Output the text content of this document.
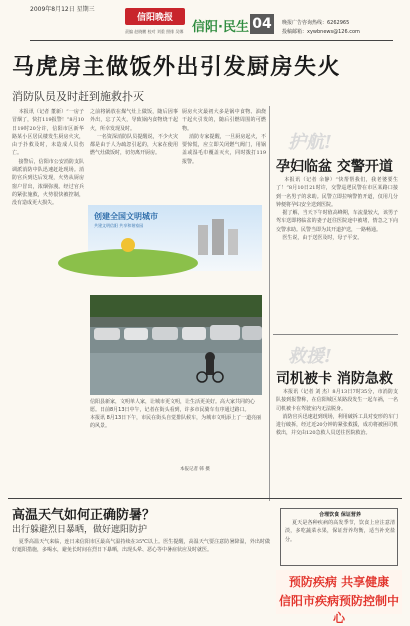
2009年8月12日 星期三
信阳晚报
责编 赵晓鹏 校对 刘重 照排 吴娜 信阳·民生 04	晚报广告咨询热线：6262965
投稿邮箱：xywbnews@126.com
马虎房主做饭外出引发厨房失火
消防队员及时赶到施救扑灭
本报讯（记者 董新）“一房子冒烟了，快打119报警！”8月10日19时20分许，信阳市区新华路某小区居民楼发生厨房火灾，由于扑救及时，未造成人员伤亡。
接警后，信阳市公安消防支队调派消防中队迅速赶赴现场。消防官兵到达后发现，火势从厨房窗户冒出，浓烟弥漫。经过官兵的紧张施救，火势很快被控制，没有造成更大损失。
之前将锅放在煤气灶上做饭，随后因事外出，忘了关火，导致锅内食物烧干起火，所幸发现及时。
一名资深消防队员提醒说，不少火灾都是由于人为疏忽引起的，大家在使用燃气灶做饭时，切勿离开厨房。
厨房火灾最初大多是锅中食物、油烧干起火引发的，随后引燃周围的可燃物。
消防专家提醒，一旦厨房起火，不要惊慌，应立即关闭燃气阀门，用锅盖或湿毛巾覆盖灭火，同时拨打119报警。
创建全国文明城市
共建文明信阳 共享和谐家园
信阳县新家，文明单人家，让城市更文明，让生活更美好。高大家共同的心愿。日前8月13日中午，记者在街头看到，许多市民骑车有序通过路口。
本报讯 8月13日下午，市民在街头自觉排队候车，为城市文明添上了一道亮丽的风景。
本报记者 韩 摄
护航!
孕妇临盆 交警开道
本报讯（记者 余静）“快帮帮我们，我老婆要生了！”8月10日21时许，交警巡逻民警在市区某路口接到一名男子的求助。民警立即拉响警笛开道，仅用几分钟便将孕妇安全送到医院。
据了解，当天下午时值高峰期，车流量较大，该男子驾车送即将临盆的妻子赶往医院途中被堵，情急之下向交警求助。民警当即为其开道护送，一路畅通。
医生说，由于送医及时，母子平安。
救援!
司机被卡 消防急救
本报讯（记者 刘 杰）8月13日7时35分，市消防支队接到报警称，在信阳城区某路段发生一起车祸，一名司机被卡在驾驶室内无法脱身。
消防官兵迅速赶到现场，利用破拆工具对变形的车门进行破拆，经过近20分钟的紧张救援，成功将被困司机救出，并交由120急救人员送往医院救治。
高温天气如何正确防暑？
出行躲避烈日暴晒，做好遮阳防护
夏季高温天气来临，连日来信阳市区最高气温持续在35℃以上。医生提醒，高温天气要注意防暑降温，外出时做好遮阳措施，多喝水，避免长时间在烈日下暴晒，出现头晕、恶心等中暑症状应及时就医。
合理饮食 保证营养
夏天是各种疾病的高发季节，饮食上应注意清淡，多吃蔬菜水果，保证营养均衡，适当补充盐分。
预防疾病 共享健康
信阳市疾病预防控制中心
